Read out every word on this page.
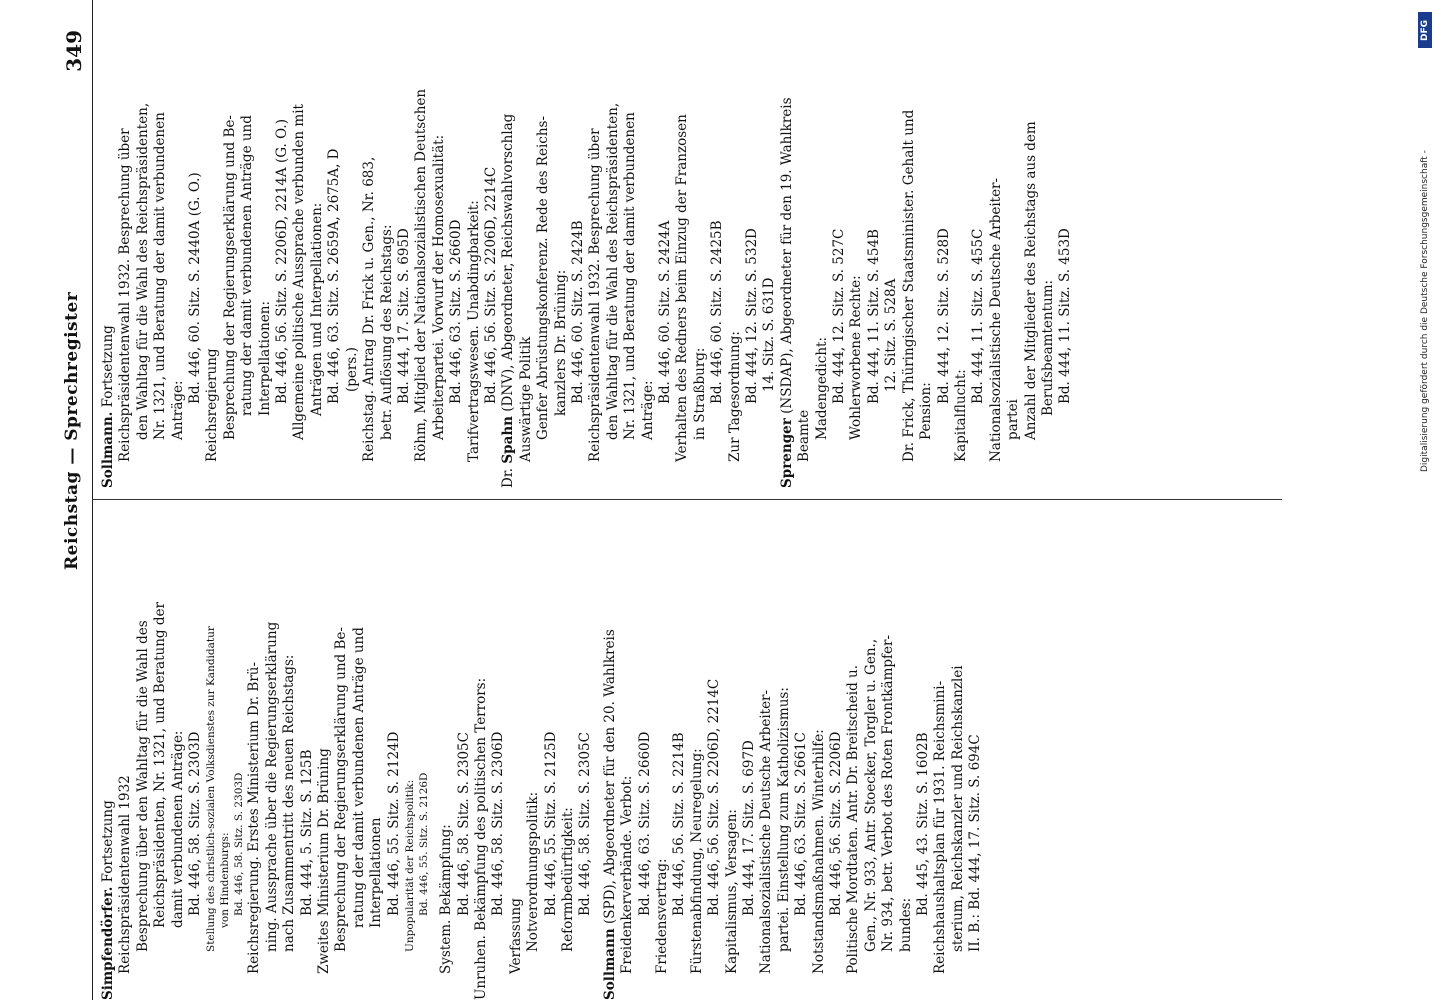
Reichstag — Sprechregister
349
Simpfendörfer. Fortsetzung Reichspräsidentenwahl 1932 Besprechung über den Wahltag für die Wahl des Reichspräsidenten, Nr. 1321, und Beratung der damit verbundenen Anträge: Bd. 446, 58. Sitz. S. 2303D Stellung des christlich-sozialen Volksdienstes zur Kandidatur von Hindenburgs: Bd. 446, 58. Sitz. S. 2303D Reichsregierung. Erstes Ministerium Dr. Brü- ning. Aussprache über die Regierungserklärung nach Zusammentritt des neuen Reichstags: Bd. 444, 5. Sitz. S. 125B Zweites Ministerium Dr. Brüning Besprechung der Regierungserklärung und Be- ratung der damit verbundenen Anträge und Interpellationen Bd. 446, 55. Sitz. S. 2124D Unpopularität der Reichspolitik: Bd. 446, 55. Sitz. S. 2126D System. Bekämpfung: Bd. 446, 58. Sitz. S. 2305C Unruhen. Bekämpfung des politischen Terrors: Bd. 446, 58. Sitz. S. 2306D
Verfassung Notverordnungspolitik: Bd. 446, 55. Sitz. S. 2125D Reformbedürftigkeit: Bd. 446, 58. Sitz. S. 2305C
Sollmann (SPD), Abgeordneter für den 20. Wahlkreis Freidenkerverbände. Verbot: Bd. 446, 63. Sitz. S. 2660D
Friedensvertrag:
Bd. 446, 56. Sitz. S. 2214B Fürstenabfindung, Neuregelung: Bd. 446, 56. Sitz. S. 2206D, 2214C Kapitalismus, Versagen: Bd. 444, 17. Sitz. S. 697D Nationalsozialistische Deutsche Arbeiter- partei. Einstellung zum Katholizismus: Bd. 446, 63. Sitz. S. 2661C Notstandsmaßnahmen. Winterhilfe: Bd. 446, 56. Sitz. S. 2206D Politische Mordtaten. Antr. Dr. Breitscheid u. Gen., Nr. 933, Antr. Stoecker, Torgler u. Gen., Nr. 934, betr. Verbot des Roten Frontkämpfer- bundes:
Bd. 445, 43. Sitz. S. 1602B Reichshaushaltsplan für 1931. Reichsmini- sterium, Reichskanzler und Reichskanzlei II. B.: Bd. 444, 17. Sitz. S. 694C
Sollmann. Fortsetzung Reichspräsidentenwahl 1932. Besprechung über den Wahltag für die Wahl des Reichspräsidenten, Nr. 1321, und Beratung der damit verbundenen Anträge:
Bd. 446, 60. Sitz. S. 2440A (G. O.)
Reichsregierung Besprechung der Regierungserklärung und Be- ratung der damit verbundenen Anträge und Interpellationen: Bd. 446, 56. Sitz. S. 2206D, 2214A (G. O.) Allgemeine politische Aussprache verbunden mit Anträgen und Interpellationen: Bd. 446, 63. Sitz. S. 2659A, 2675A, D (pers.) Reichstag. Antrag Dr. Frick u. Gen., Nr. 683, betr. Auflösung des Reichstags: Bd. 444, 17. Sitz. S. 695D Röhm, Mitglied der Nationalsozialistischen Deutschen Arbeiterpartei. Vorwurf der Homosexualität: Bd. 446, 63. Sitz. S. 2660D Tarifvertragswesen. Unabdingbarkeit: Bd. 446, 56. Sitz. S. 2206D, 2214C
Dr. Spahn (DNV), Abgeordneter, Reichswahlvorschlag Auswärtige Politik Genfer Abrüstungskonferenz. Rede des Reichs- kanzlers Dr. Brüning: Bd. 446, 60. Sitz. S. 2424B Reichspräsidentenwahl 1932. Besprechung über den Wahltag für die Wahl des Reichspräsidenten, Nr. 1321, und Beratung der damit verbundenen Anträge:
Bd. 446, 60. Sitz. S. 2424A Verhalten des Redners beim Einzug der Franzosen in Straßburg: Bd. 446, 60. Sitz. S. 2425B Zur Tagesordnung: Bd. 444, 12. Sitz. S. 532D 14. Sitz. S. 631D
Sprenger (NSDAP), Abgeordneter für den 19. Wahlkreis
Beamte Madengedicht: Bd. 444, 12. Sitz. S. 527C Wohlerworbene Rechte: Bd. 444, 11. Sitz. S. 454B 12. Sitz. S. 528A Dr. Frick, Thüringischer Staatsminister. Gehalt und Pension:
Bd. 444, 12. Sitz. S. 528D
Kapitalflucht:
Bd. 444, 11. Sitz. S. 455C Nationalsozialistische Deutsche Arbeiter- partei Anzahl der Mitglieder des Reichstags aus dem Berufsbeamtentum: Bd. 444, 11. Sitz. S. 453D
DFG
Digitalisierung gefördert durch die Deutsche Forschungsgemeinschaft -
